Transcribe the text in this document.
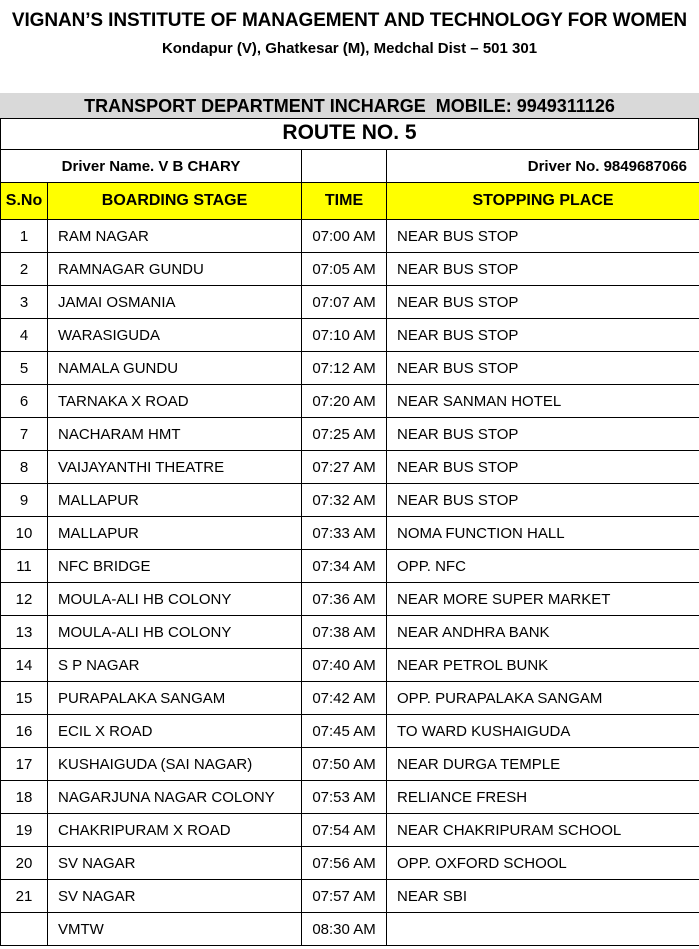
VIGNAN’S INSTITUTE OF MANAGEMENT AND TECHNOLOGY FOR WOMEN
Kondapur (V), Ghatkesar (M), Medchal Dist – 501 301
TRANSPORT DEPARTMENT INCHARGE  MOBILE: 9949311126
ROUTE NO. 5
Driver Name. V B CHARY			Driver No. 9849687066
S.No	BOARDING STAGE	TIME	STOPPING PLACE
1	RAM NAGAR	07:00 AM	NEAR BUS STOP
2	RAMNAGAR GUNDU	07:05 AM	NEAR BUS STOP
3	JAMAI OSMANIA	07:07 AM	NEAR BUS STOP
4	WARASIGUDA	07:10 AM	NEAR BUS STOP
5	NAMALA GUNDU	07:12 AM	NEAR BUS STOP
6	TARNAKA X ROAD	07:20 AM	NEAR SANMAN HOTEL
7	NACHARAM HMT	07:25 AM	NEAR BUS STOP
8	VAIJAYANTHI THEATRE	07:27 AM	NEAR BUS STOP
9	MALLAPUR	07:32 AM	NEAR BUS STOP
10	MALLAPUR	07:33 AM	NOMA FUNCTION HALL
11	NFC BRIDGE	07:34 AM	OPP. NFC
12	MOULA-ALI HB COLONY	07:36 AM	NEAR MORE SUPER MARKET
13	MOULA-ALI HB COLONY	07:38 AM	NEAR ANDHRA BANK
14	S P NAGAR	07:40 AM	NEAR PETROL BUNK
15	PURAPALAKA SANGAM	07:42 AM	OPP. PURAPALAKA SANGAM
16	ECIL X ROAD	07:45 AM	TO WARD KUSHAIGUDA
17	KUSHAIGUDA (SAI NAGAR)	07:50 AM	NEAR DURGA TEMPLE
18	NAGARJUNA NAGAR COLONY	07:53 AM	RELIANCE FRESH
19	CHAKRIPURAM X ROAD	07:54 AM	NEAR CHAKRIPURAM SCHOOL
20	SV NAGAR	07:56 AM	OPP. OXFORD SCHOOL
21	SV NAGAR	07:57 AM	NEAR SBI
	VMTW	08:30 AM	
